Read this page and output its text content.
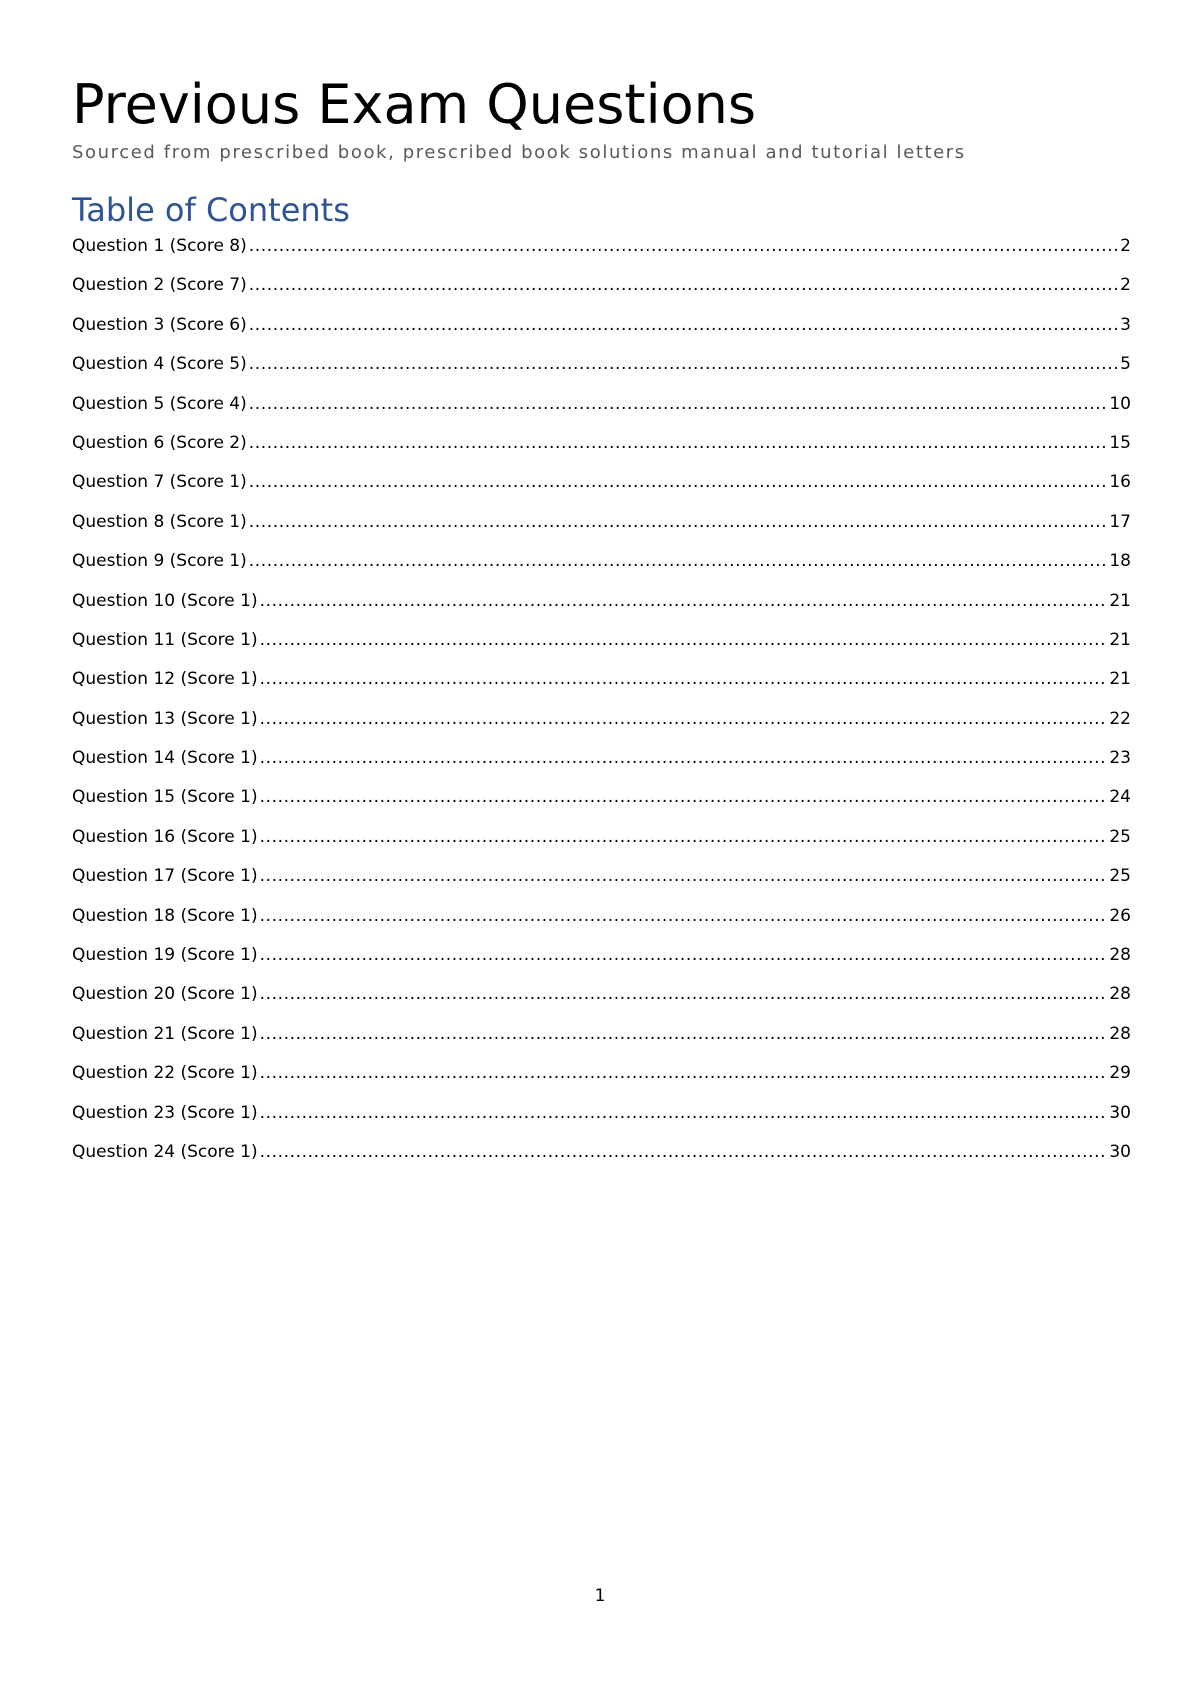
Previous Exam Questions

Sourced from prescribed book, prescribed book solutions manual and tutorial letters

Table of Contents
Question 1 (Score 8) .....	2
Question 2 (Score 7) .....	2
Question 3 (Score 6) .....	3
Question 4 (Score 5) .....	5
Question 5 (Score 4) .....	10
Question 6 (Score 2) .....	15
Question 7 (Score 1) .....	16
Question 8 (Score 1) .....	17
Question 9 (Score 1) .....	18
Question 10 (Score 1) .....	21
Question 11 (Score 1) .....	21
Question 12 (Score 1) .....	21
Question 13 (Score 1) .....	22
Question 14 (Score 1) .....	23
Question 15 (Score 1) .....	24
Question 16 (Score 1) .....	25
Question 17 (Score 1) .....	25
Question 18 (Score 1) .....	26
Question 19 (Score 1) .....	28
Question 20 (Score 1) .....	28
Question 21 (Score 1) .....	28
Question 22 (Score 1) .....	29
Question 23 (Score 1) .....	30
Question 24 (Score 1) .....	30
1
